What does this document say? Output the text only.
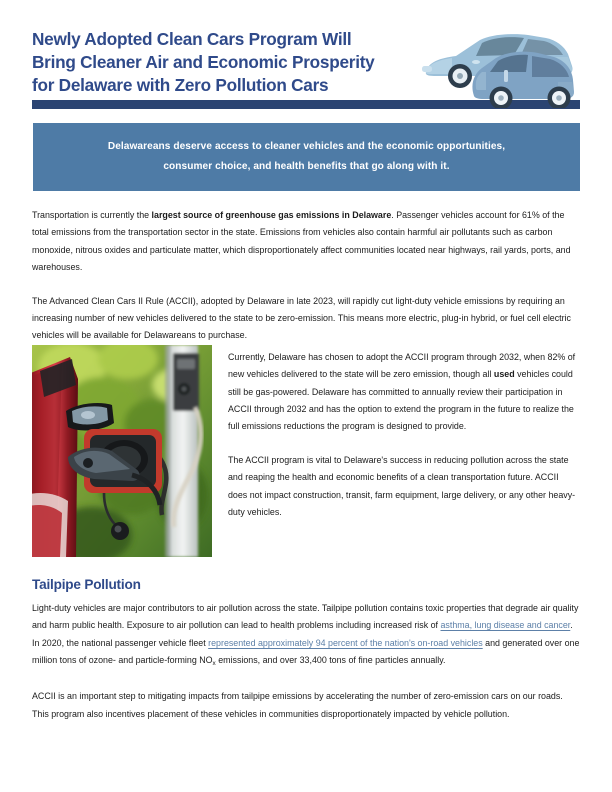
Newly Adopted Clean Cars Program Will
Bring Cleaner Air and Economic Prosperity
for Delaware with Zero Pollution Cars

Delawareans deserve access to cleaner vehicles and the economic opportunities,

consumer choice, and health benefits that go along with it.

Transportation is currently the largest source of greenhouse gas emissions in Delaware. Passenger vehicles account for 61% of the total emissions from the transportation sector in the state. Emissions from vehicles also contain harmful air pollutants such as carbon monoxide, nitrous oxides and particulate matter, which disproportionately affect communities located near highways, rail yards, ports, and warehouses.

The Advanced Clean Cars II Rule (ACCII), adopted by Delaware in late 2023, will rapidly cut light-duty vehicle emissions by requiring an increasing number of new vehicles delivered to the state to be zero-emission. This means more electric, plug-in hybrid, or fuel cell electric vehicles will be available for Delawareans to purchase.

Currently, Delaware has chosen to adopt the ACCII program through 2032, when 82% of new vehicles delivered to the state will be zero emission, though all used vehicles could still be gas-powered. Delaware has committed to annually review their participation in ACCII through 2032 and has the option to extend the program in the future to realize the full emissions reductions the program is designed to provide.

The ACCII program is vital to Delaware's success in reducing pollution across the state and reaping the health and economic benefits of a clean transportation future. ACCII does not impact construction, transit, farm equipment, large delivery, or any other heavy-duty vehicles.

Tailpipe Pollution

Light-duty vehicles are major contributors to air pollution across the state. Tailpipe pollution contains toxic properties that degrade air quality and harm public health. Exposure to air pollution can lead to health problems including increased risk of asthma, lung disease and cancer. In 2020, the national passenger vehicle fleet represented approximately 94 percent of the nation's on-road vehicles and generated over one million tons of ozone- and particle-forming $NO_x$ emissions, and over 33,400 tons of fine particles annually.

ACCII is an important step to mitigating impacts from tailpipe emissions by accelerating the number of zero-emission cars on our roads. This program also incentives placement of these vehicles in communities disproportionately impacted by vehicle pollution.
